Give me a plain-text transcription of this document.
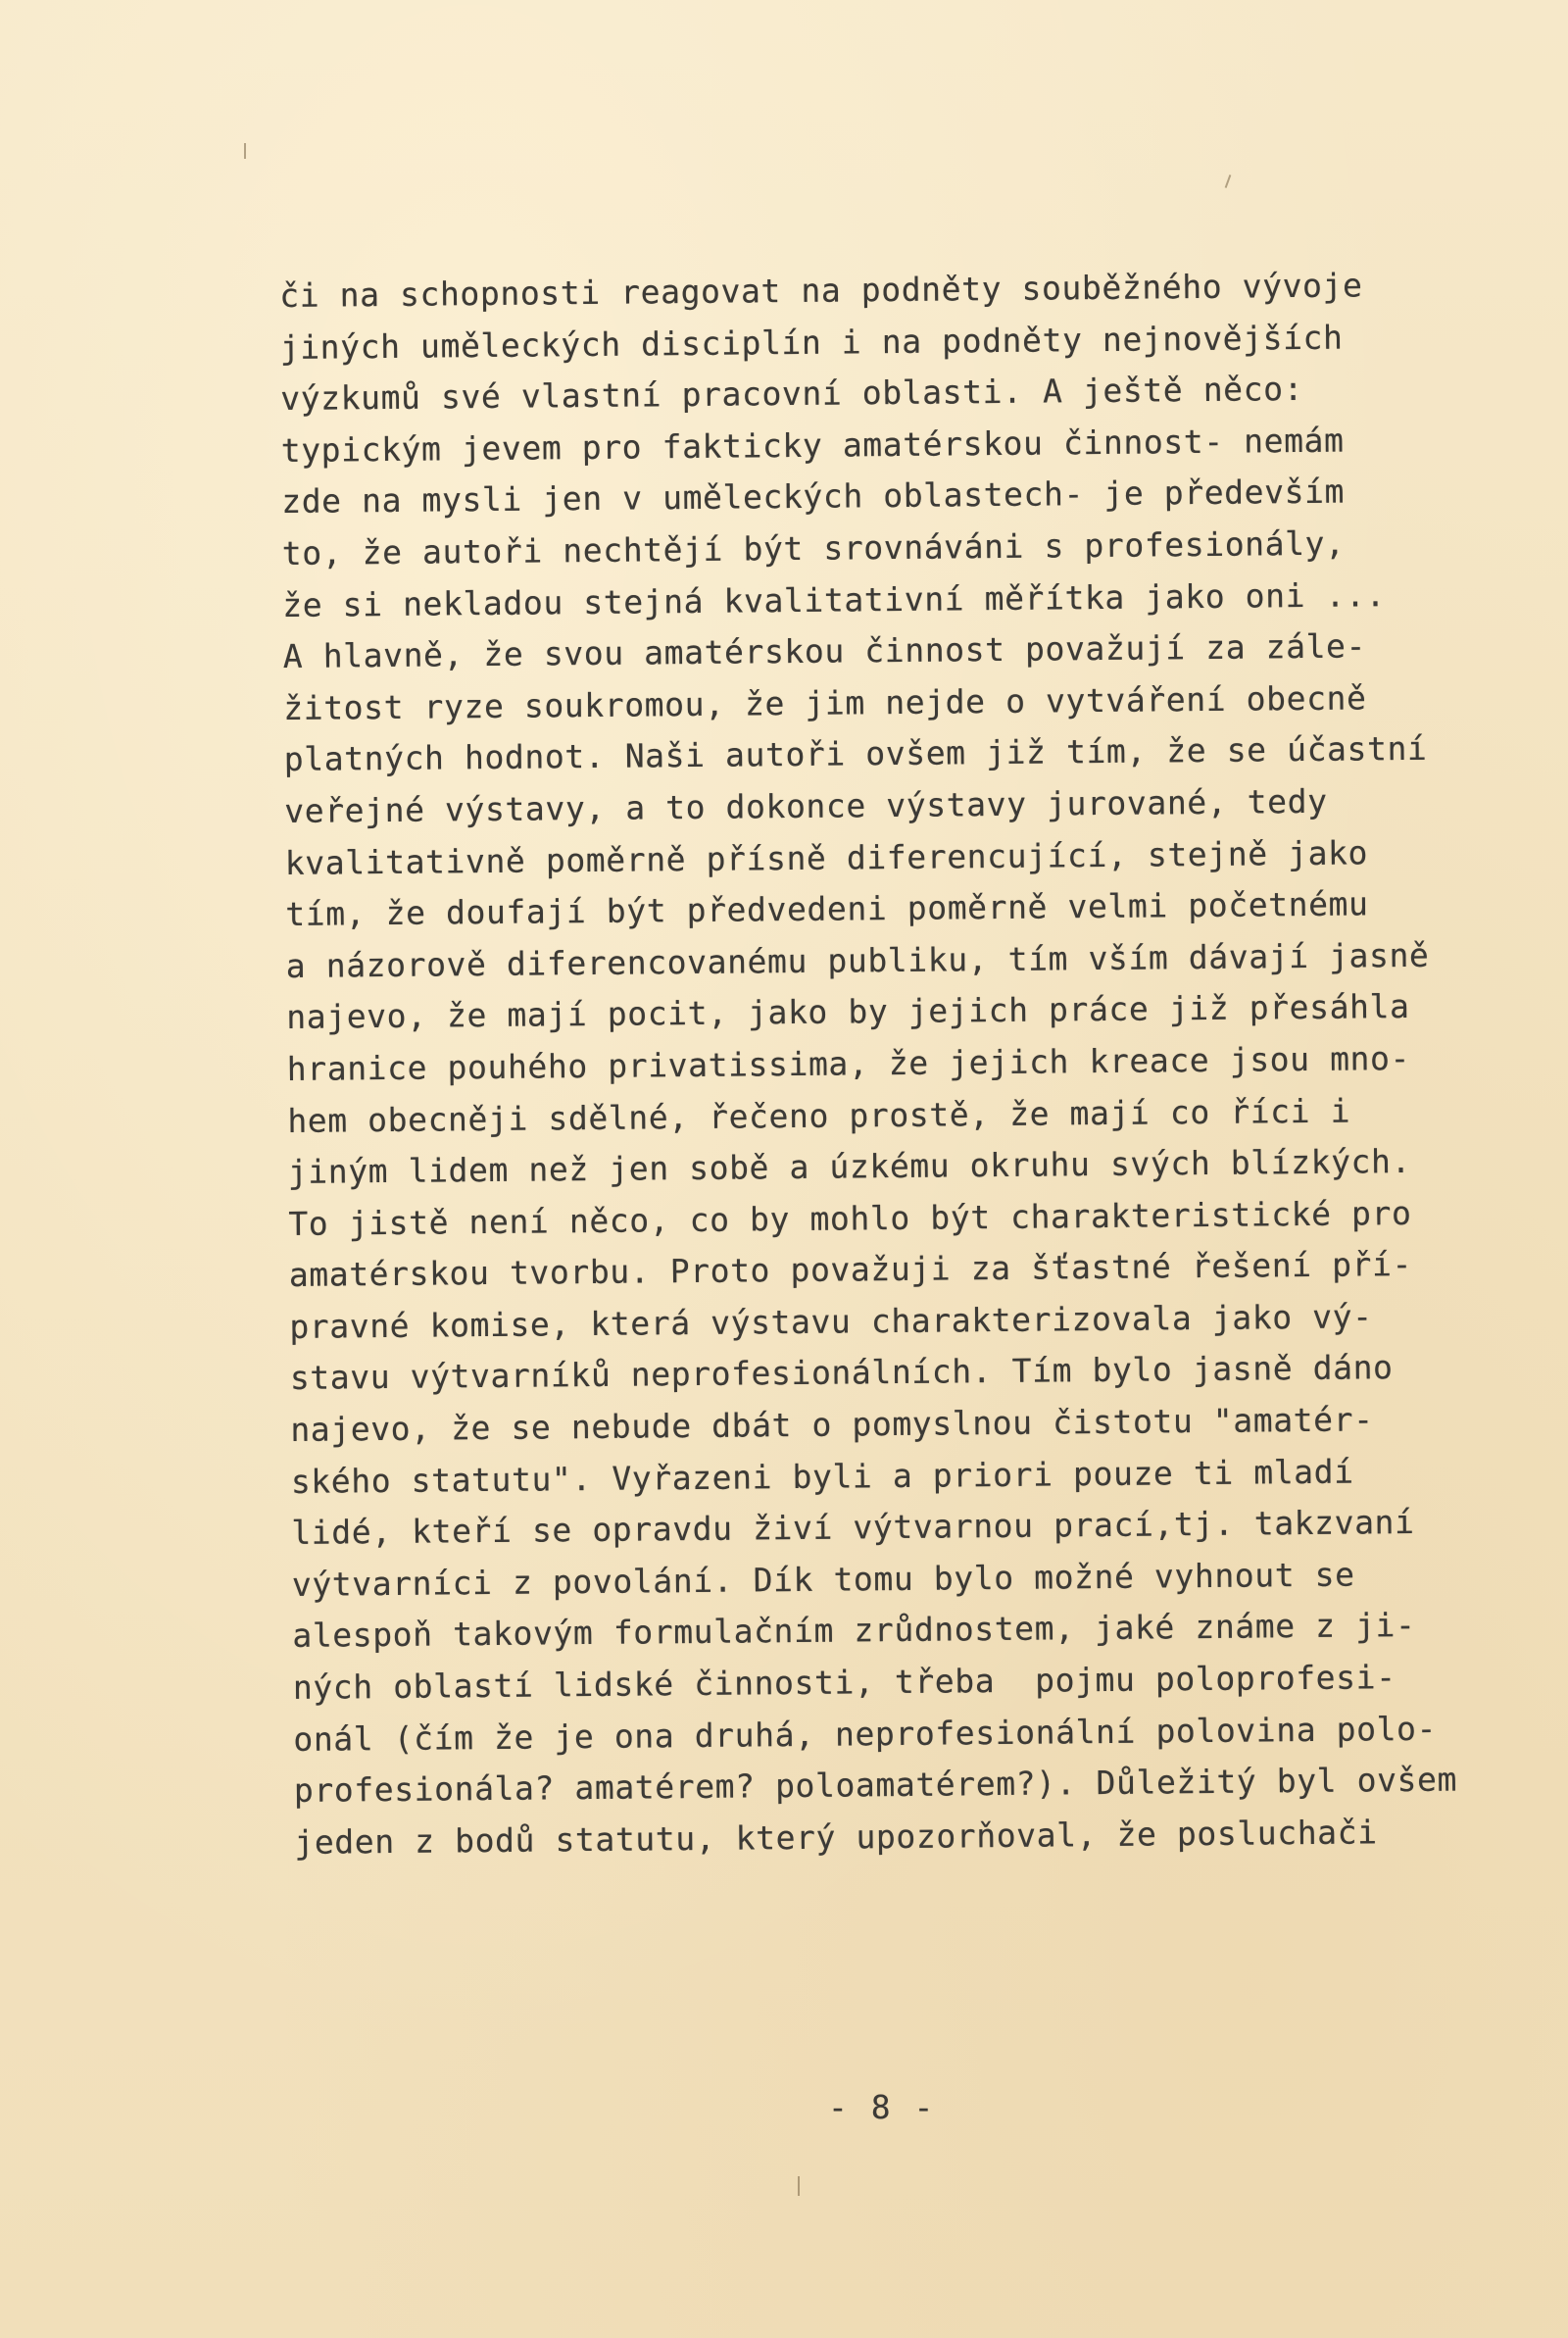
či na schopnosti reagovat na podněty souběžného vývoje
jiných uměleckých disciplín i na podněty nejnovějších
výzkumů své vlastní pracovní oblasti. A ještě něco:
typickým jevem pro fakticky amatérskou činnost- nemám
zde na mysli jen v uměleckých oblastech- je především
to, že autoři nechtějí být srovnáváni s profesionály,
že si nekladou stejná kvalitativní měřítka jako oni ...
A hlavně, že svou amatérskou činnost považují za zále-
žitost ryze soukromou, že jim nejde o vytváření obecně
platných hodnot. Naši autoři ovšem již tím, že se účastní
veřejné výstavy, a to dokonce výstavy jurované, tedy
kvalitativně poměrně přísně diferencující, stejně jako
tím, že doufají být předvedeni poměrně velmi početnému
a názorově diferencovanému publiku, tím vším dávají jasně
najevo, že mají pocit, jako by jejich práce již přesáhla
hranice pouhého privatissima, že jejich kreace jsou mno-
hem obecněji sdělné, řečeno prostě, že mají co říci i
jiným lidem než jen sobě a úzkému okruhu svých blízkých.
To jistě není něco, co by mohlo být charakteristické pro
amatérskou tvorbu. Proto považuji za šťastné řešení pří-
pravné komise, která výstavu charakterizovala jako vý-
stavu výtvarníků neprofesionálních. Tím bylo jasně dáno
najevo, že se nebude dbát o pomyslnou čistotu "amatér-
ského statutu". Vyřazeni byli a priori pouze ti mladí
lidé, kteří se opravdu živí výtvarnou prací,tj. takzvaní
výtvarníci z povolání. Dík tomu bylo možné vyhnout se
alespoň takovým formulačním zrůdnostem, jaké známe z ji-
ných oblastí lidské činnosti, třeba  pojmu poloprofesi-
onál (čím že je ona druhá, neprofesionální polovina polo-
profesionála? amatérem? poloamatérem?). Důležitý byl ovšem
jeden z bodů statutu, který upozorňoval, že posluchači
- 8 -
